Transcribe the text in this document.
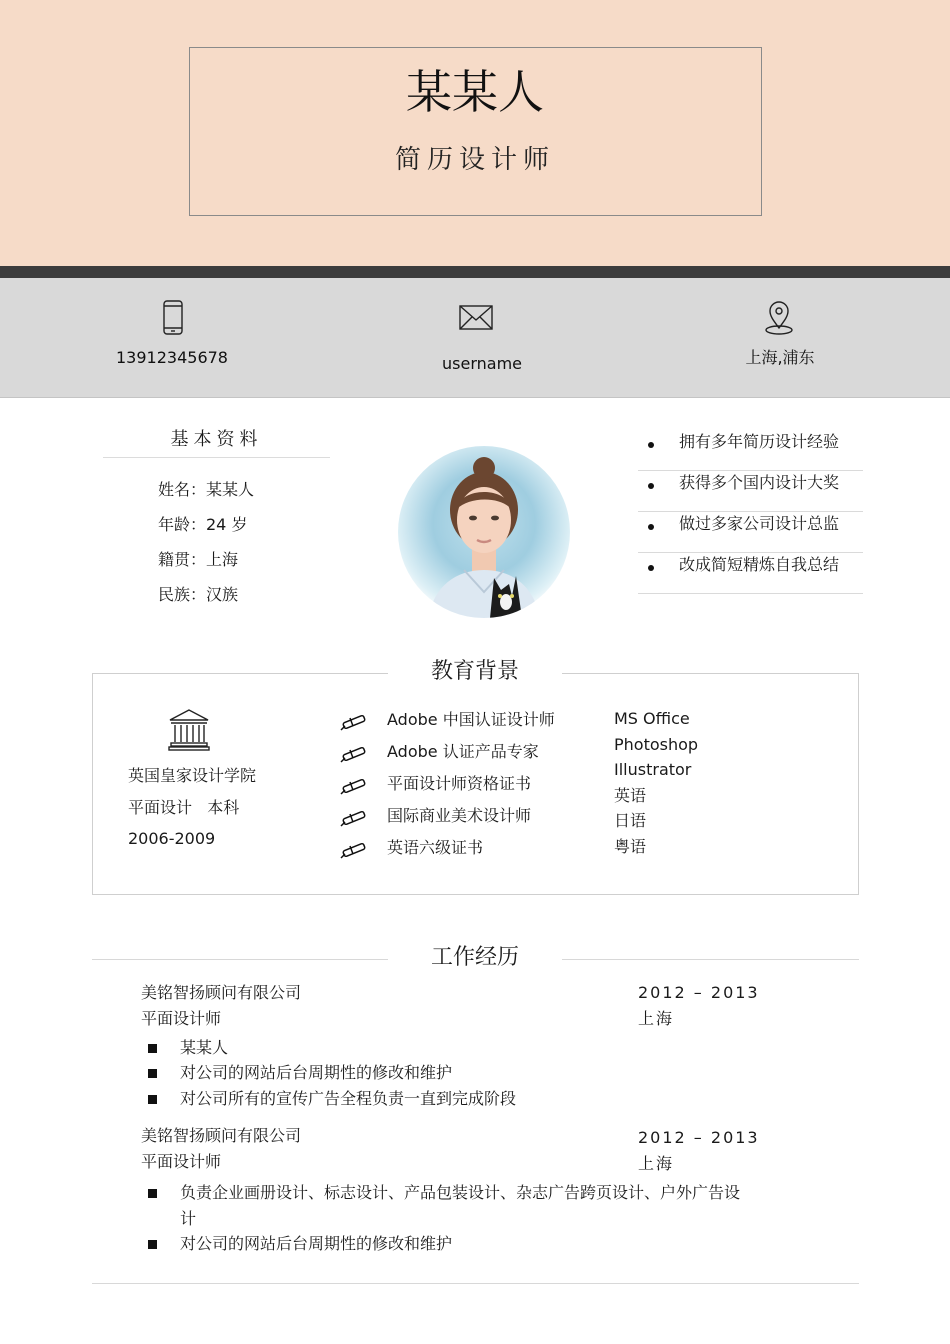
某某人
简历设计师
13912345678	username	上海,浦东
基本资料
姓名：某某人
年龄：24 岁
籍贯：上海
民族：汉族
拥有多年简历设计经验
获得多个国内设计大奖
做过多家公司设计总监
改成简短精炼自我总结
教育背景
英国皇家设计学院
平面设计   本科
2006-2009
Adobe 中国认证设计师
Adobe 认证产品专家
平面设计师资格证书
国际商业美术设计师
英语六级证书
MS Office
Photoshop
Illustrator
英语
日语
粤语
工作经历
美铭智扬顾问有限公司
平面设计师
2012 – 2013
上海
某某人
对公司的网站后台周期性的修改和维护
对公司所有的宣传广告全程负责一直到完成阶段
美铭智扬顾问有限公司
平面设计师
2012 – 2013
上海
负责企业画册设计、标志设计、产品包装设计、杂志广告跨页设计、户外广告设
计
对公司的网站后台周期性的修改和维护
